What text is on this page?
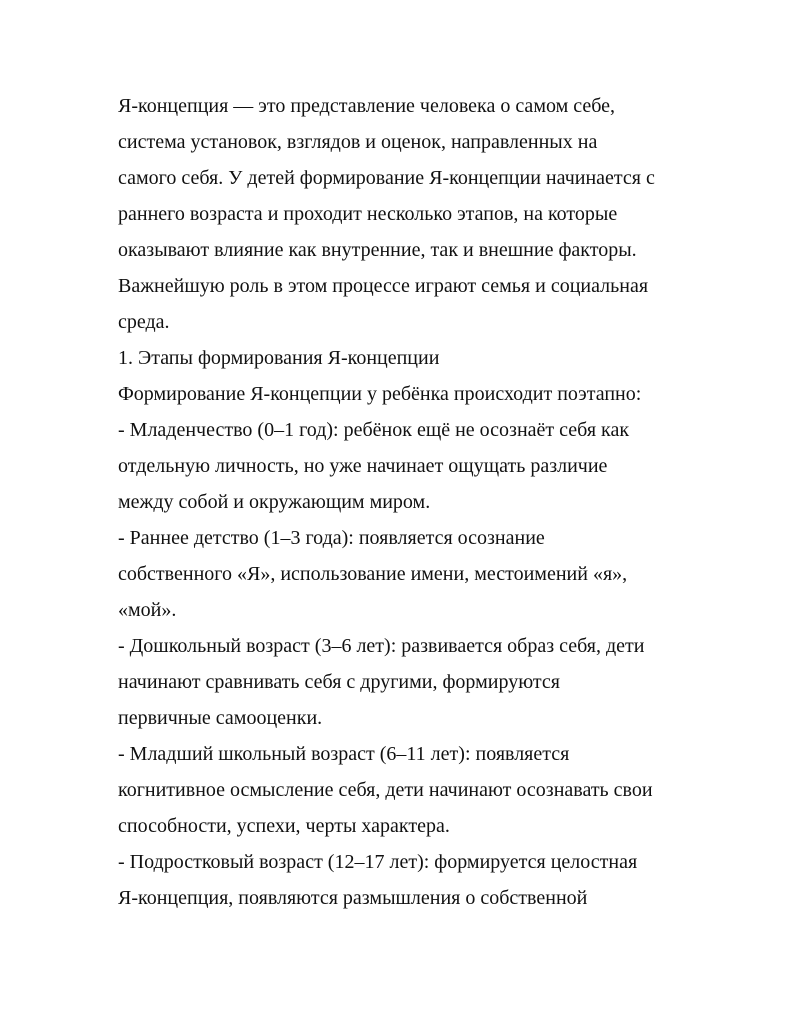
Я-концепция — это представление человека о самом себе,

система установок, взглядов и оценок, направленных на

самого себя. У детей формирование Я-концепции начинается с

раннего возраста и проходит несколько этапов, на которые

оказывают влияние как внутренние, так и внешние факторы.

Важнейшую роль в этом процессе играют семья и социальная

среда.

1. Этапы формирования Я-концепции

Формирование Я-концепции у ребёнка происходит поэтапно:

- Младенчество (0–1 год): ребёнок ещё не осознаёт себя как

отдельную личность, но уже начинает ощущать различие

между собой и окружающим миром.

- Раннее детство (1–3 года): появляется осознание

собственного «Я», использование имени, местоимений «я»,

«мой».

- Дошкольный возраст (3–6 лет): развивается образ себя, дети

начинают сравнивать себя с другими, формируются

первичные самооценки.

- Младший школьный возраст (6–11 лет): появляется

когнитивное осмысление себя, дети начинают осознавать свои

способности, успехи, черты характера.

- Подростковый возраст (12–17 лет): формируется целостная

Я-концепция, появляются размышления о собственной
